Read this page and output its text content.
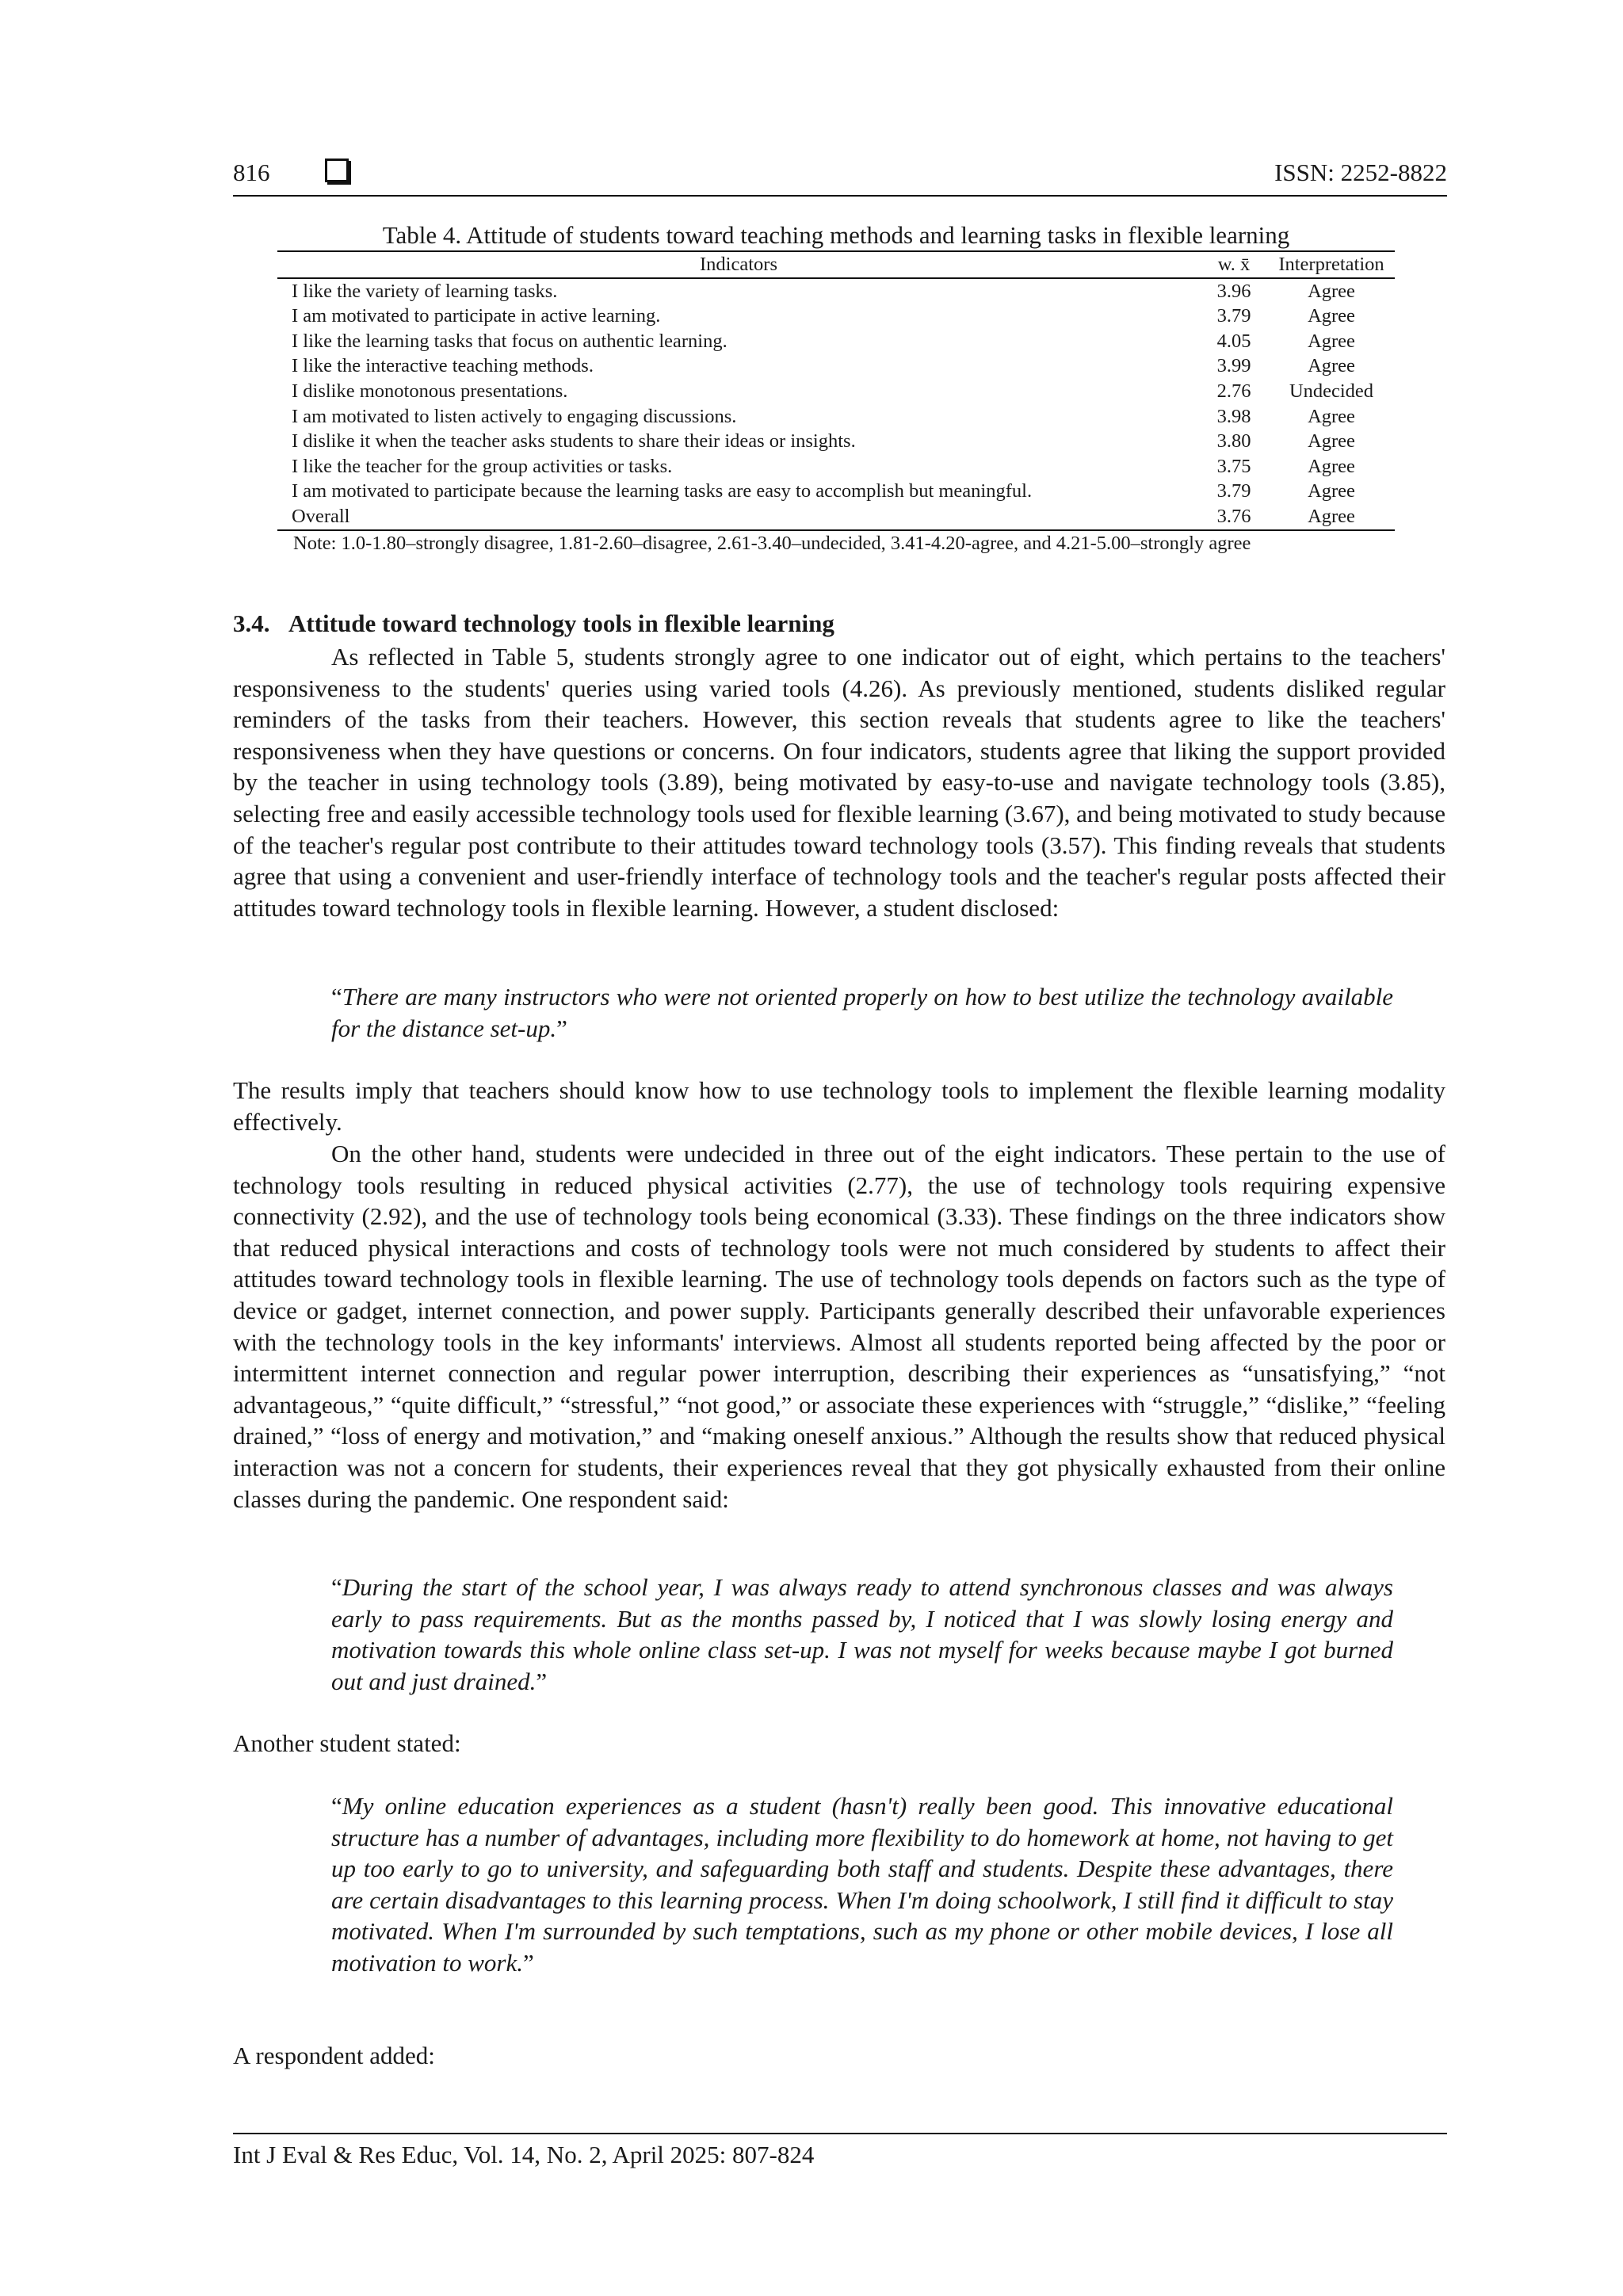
816	ISSN: 2252-8822

Table 4. Attitude of students toward teaching methods and learning tasks in flexible learning

Indicators	w. x̄	Interpretation
I like the variety of learning tasks.	3.96	Agree
I am motivated to participate in active learning.	3.79	Agree
I like the learning tasks that focus on authentic learning.	4.05	Agree
I like the interactive teaching methods.	3.99	Agree
I dislike monotonous presentations.	2.76	Undecided
I am motivated to listen actively to engaging discussions.	3.98	Agree
I dislike it when the teacher asks students to share their ideas or insights.	3.80	Agree
I like the teacher for the group activities or tasks.	3.75	Agree
I am motivated to participate because the learning tasks are easy to accomplish but meaningful.	3.79	Agree
Overall	3.76	Agree

Note: 1.0-1.80–strongly disagree, 1.81-2.60–disagree, 2.61-3.40–undecided, 3.41-4.20-agree, and 4.21-5.00–strongly agree

3.4. Attitude toward technology tools in flexible learning

As reflected in Table 5, students strongly agree to one indicator out of eight, which pertains to the teachers' responsiveness to the students' queries using varied tools (4.26). As previously mentioned, students disliked regular reminders of the tasks from their teachers. However, this section reveals that students agree to like the teachers' responsiveness when they have questions or concerns. On four indicators, students agree that liking the support provided by the teacher in using technology tools (3.89), being motivated by easy-to-use and navigate technology tools (3.85), selecting free and easily accessible technology tools used for flexible learning (3.67), and being motivated to study because of the teacher's regular post contribute to their attitudes toward technology tools (3.57). This finding reveals that students agree that using a convenient and user-friendly interface of technology tools and the teacher's regular posts affected their attitudes toward technology tools in flexible learning. However, a student disclosed:

“There are many instructors who were not oriented properly on how to best utilize the technology available for the distance set-up.”

The results imply that teachers should know how to use technology tools to implement the flexible learning modality effectively.

On the other hand, students were undecided in three out of the eight indicators. These pertain to the use of technology tools resulting in reduced physical activities (2.77), the use of technology tools requiring expensive connectivity (2.92), and the use of technology tools being economical (3.33). These findings on the three indicators show that reduced physical interactions and costs of technology tools were not much considered by students to affect their attitudes toward technology tools in flexible learning. The use of technology tools depends on factors such as the type of device or gadget, internet connection, and power supply. Participants generally described their unfavorable experiences with the technology tools in the key informants' interviews. Almost all students reported being affected by the poor or intermittent internet connection and regular power interruption, describing their experiences as “unsatisfying,” “not advantageous,” “quite difficult,” “stressful,” “not good,” or associate these experiences with “struggle,” “dislike,” “feeling drained,” “loss of energy and motivation,” and “making oneself anxious.” Although the results show that reduced physical interaction was not a concern for students, their experiences reveal that they got physically exhausted from their online classes during the pandemic. One respondent said:

“During the start of the school year, I was always ready to attend synchronous classes and was always early to pass requirements. But as the months passed by, I noticed that I was slowly losing energy and motivation towards this whole online class set-up. I was not myself for weeks because maybe I got burned out and just drained.”

Another student stated:

“My online education experiences as a student (hasn't) really been good. This innovative educational structure has a number of advantages, including more flexibility to do homework at home, not having to get up too early to go to university, and safeguarding both staff and students. Despite these advantages, there are certain disadvantages to this learning process. When I'm doing schoolwork, I still find it difficult to stay motivated. When I'm surrounded by such temptations, such as my phone or other mobile devices, I lose all motivation to work.”

A respondent added:

Int J Eval & Res Educ, Vol. 14, No. 2, April 2025: 807-824
